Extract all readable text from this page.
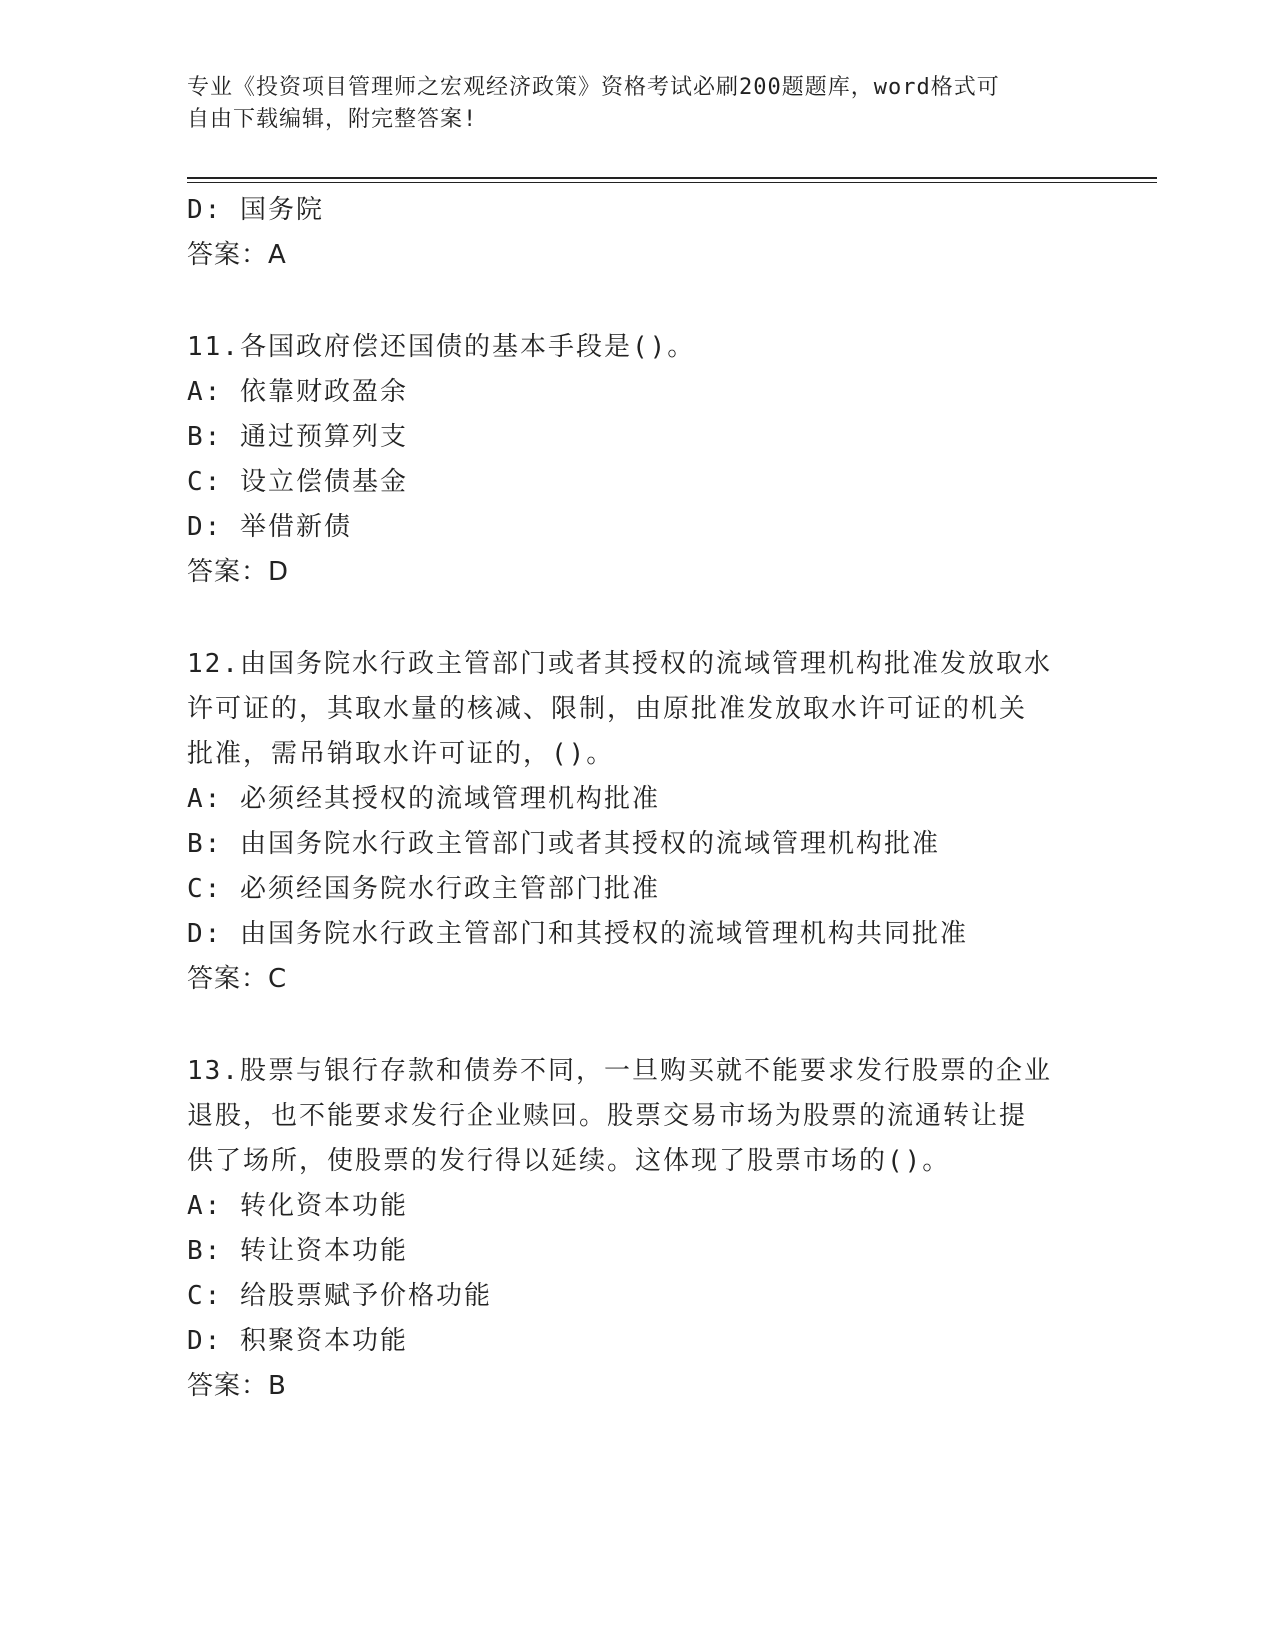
专业《投资项目管理师之宏观经济政策》资格考试必刷200题题库，word格式可
自由下载编辑，附完整答案!
D: 国务院
答案：A
11.各国政府偿还国债的基本手段是()。
A: 依靠财政盈余
B: 通过预算列支
C: 设立偿债基金
D: 举借新债
答案：D
12.由国务院水行政主管部门或者其授权的流域管理机构批准发放取水
许可证的，其取水量的核减、限制，由原批准发放取水许可证的机关
批准，需吊销取水许可证的，()。
A: 必须经其授权的流域管理机构批准
B: 由国务院水行政主管部门或者其授权的流域管理机构批准
C: 必须经国务院水行政主管部门批准
D: 由国务院水行政主管部门和其授权的流域管理机构共同批准
答案：C
13.股票与银行存款和债券不同，一旦购买就不能要求发行股票的企业
退股，也不能要求发行企业赎回。股票交易市场为股票的流通转让提
供了场所，使股票的发行得以延续。这体现了股票市场的()。
A: 转化资本功能
B: 转让资本功能
C: 给股票赋予价格功能
D: 积聚资本功能
答案：B
